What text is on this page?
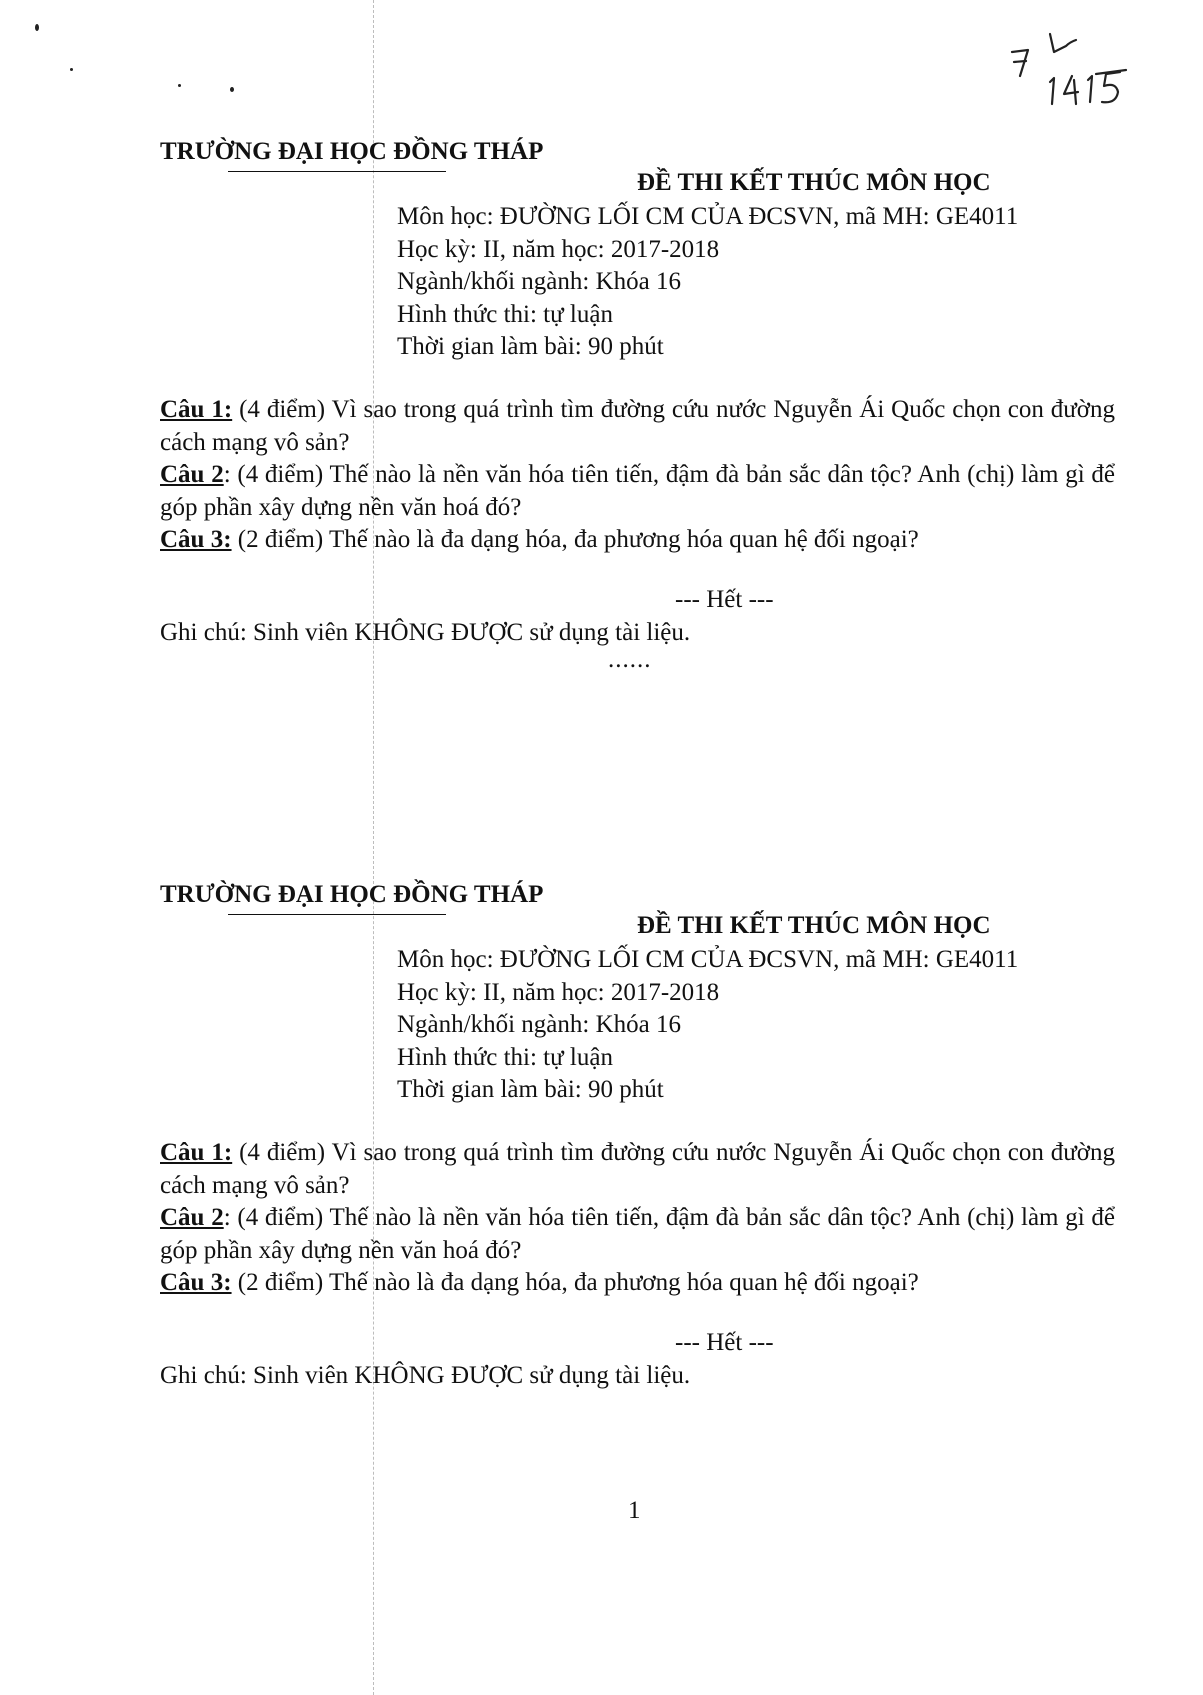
TRƯỜNG ĐẠI HỌC ĐỒNG THÁP
ĐỀ THI KẾT THÚC MÔN HỌC
Môn học: ĐƯỜNG LỐI CM CỦA ĐCSVN, mã MH: GE4011
Học kỳ: II, năm học: 2017-2018
Ngành/khối ngành: Khóa 16
Hình thức thi: tự luận
Thời gian làm bài: 90 phút

Câu 1: (4 điểm) Vì sao trong quá trình tìm đường cứu nước Nguyễn Ái Quốc chọn con đường cách mạng vô sản?

Câu 2: (4 điểm) Thế nào là nền văn hóa tiên tiến, đậm đà bản sắc dân tộc? Anh (chị) làm gì để góp phần xây dựng nền văn hoá đó?

Câu 3: (2 điểm) Thế nào là đa dạng hóa, đa phương hóa quan hệ đối ngoại?

--- Hết ---
Ghi chú: Sinh viên KHÔNG ĐƯỢC sử dụng tài liệu.
......
TRƯỜNG ĐẠI HỌC ĐỒNG THÁP
ĐỀ THI KẾT THÚC MÔN HỌC
Môn học: ĐƯỜNG LỐI CM CỦA ĐCSVN, mã MH: GE4011
Học kỳ: II, năm học: 2017-2018
Ngành/khối ngành: Khóa 16
Hình thức thi: tự luận
Thời gian làm bài: 90 phút

Câu 1: (4 điểm) Vì sao trong quá trình tìm đường cứu nước Nguyễn Ái Quốc chọn con đường cách mạng vô sản?

Câu 2: (4 điểm) Thế nào là nền văn hóa tiên tiến, đậm đà bản sắc dân tộc? Anh (chị) làm gì để góp phần xây dựng nền văn hoá đó?

Câu 3: (2 điểm) Thế nào là đa dạng hóa, đa phương hóa quan hệ đối ngoại?

--- Hết ---
Ghi chú: Sinh viên KHÔNG ĐƯỢC sử dụng tài liệu.
1
